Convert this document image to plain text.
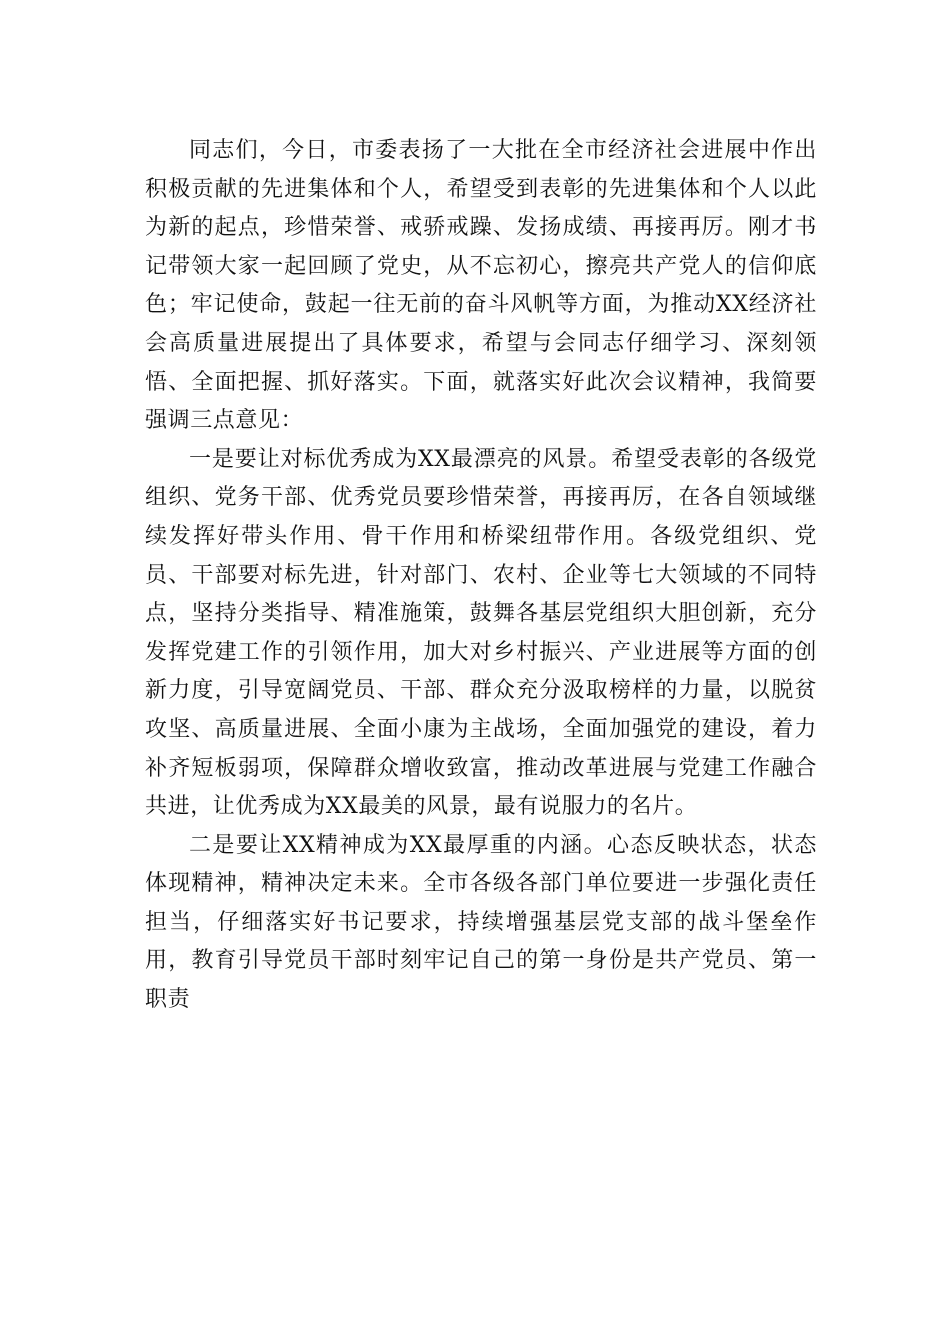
同志们，今日，市委表扬了一大批在全市经济社会进展中作出积极贡献的先进集体和个人，希望受到表彰的先进集体和个人以此为新的起点，珍惜荣誉、戒骄戒躁、发扬成绩、再接再厉。刚才书记带领大家一起回顾了党史，从不忘初心，擦亮共产党人的信仰底色；牢记使命，鼓起一往无前的奋斗风帆等方面，为推动XX经济社会高质量进展提出了具体要求，希望与会同志仔细学习、深刻领悟、全面把握、抓好落实。下面，就落实好此次会议精神，我简要强调三点意见：

一是要让对标优秀成为XX最漂亮的风景。希望受表彰的各级党组织、党务干部、优秀党员要珍惜荣誉，再接再厉，在各自领域继续发挥好带头作用、骨干作用和桥梁纽带作用。各级党组织、党员、干部要对标先进，针对部门、农村、企业等七大领域的不同特点，坚持分类指导、精准施策，鼓舞各基层党组织大胆创新，充分发挥党建工作的引领作用，加大对乡村振兴、产业进展等方面的创新力度，引导宽阔党员、干部、群众充分汲取榜样的力量，以脱贫攻坚、高质量进展、全面小康为主战场，全面加强党的建设，着力补齐短板弱项，保障群众增收致富，推动改革进展与党建工作融合共进，让优秀成为XX最美的风景，最有说服力的名片。

二是要让XX精神成为XX最厚重的内涵。心态反映状态，状态体现精神，精神决定未来。全市各级各部门单位要进一步强化责任担当，仔细落实好书记要求，持续增强基层党支部的战斗堡垒作用，教育引导党员干部时刻牢记自己的第一身份是共产党员、第一职责
